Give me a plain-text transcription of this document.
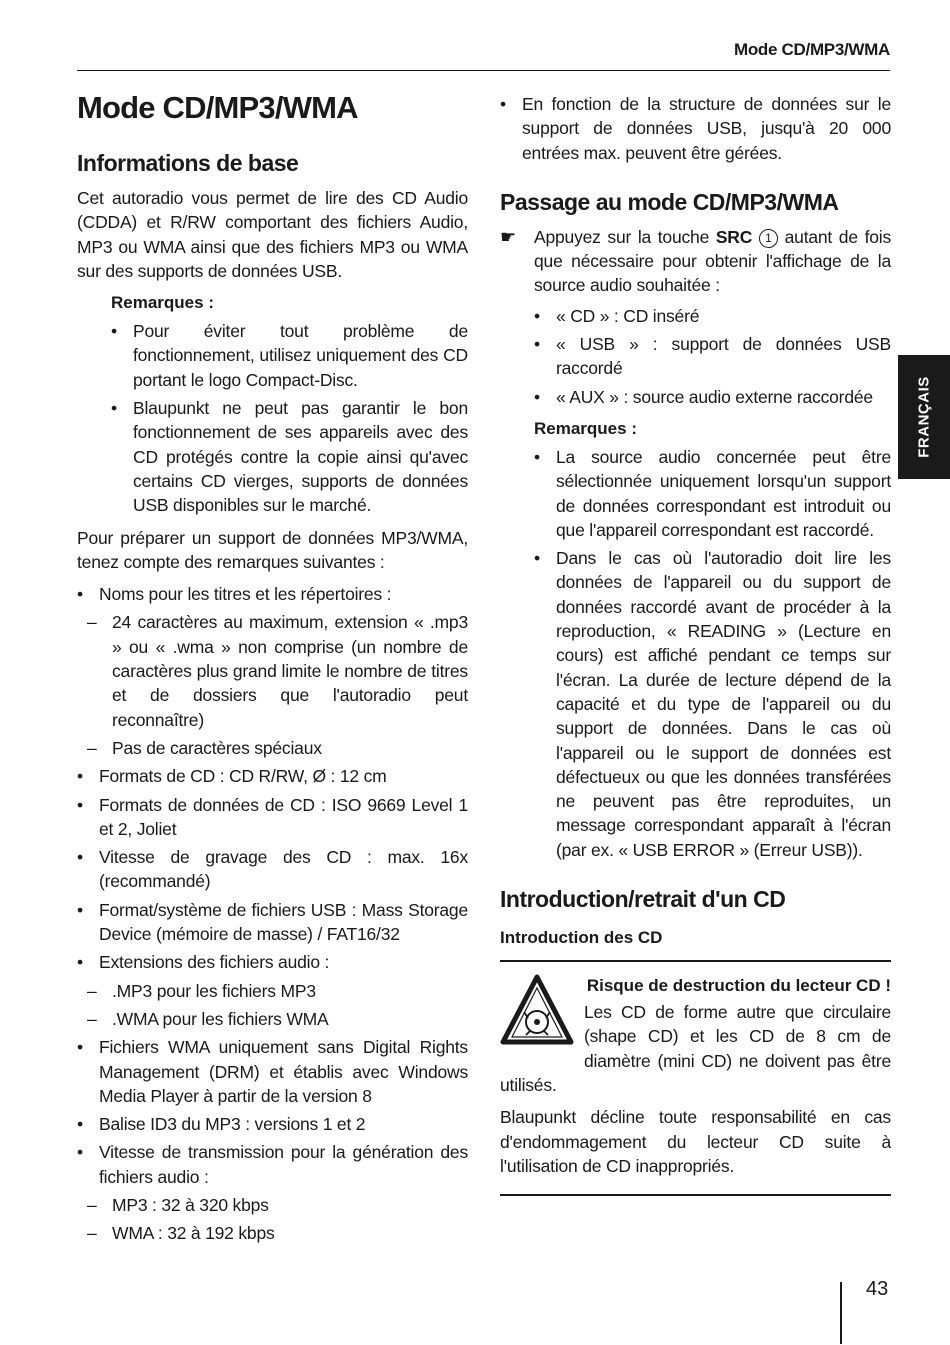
Mode CD/MP3/WMA
FRANÇAIS
Mode CD/MP3/WMA
Informations de base

Cet autoradio vous permet de lire des CD Audio (CDDA) et R/RW comportant des fichiers Audio, MP3 ou WMA ainsi que des fichiers MP3 ou WMA sur des supports de données USB.

Remarques :
• Pour éviter tout problème de fonctionnement, utilisez uniquement des CD portant le logo Compact-Disc.
• Blaupunkt ne peut pas garantir le bon fonctionnement de ses appareils avec des CD protégés contre la copie ainsi qu'avec certains CD vierges, supports de données USB disponibles sur le marché.

Pour préparer un support de données MP3/WMA, tenez compte des remarques suivantes :

• Noms pour les titres et les répertoires :
– 24 caractères au maximum, extension « .mp3 » ou « .wma » non comprise (un nombre de caractères plus grand limite le nombre de titres et de dossiers que l'autoradio peut reconnaître)
– Pas de caractères spéciaux
• Formats de CD : CD R/RW, Ø : 12 cm
• Formats de données de CD : ISO 9669 Level 1 et 2, Joliet
• Vitesse de gravage des CD : max. 16x (recommandé)
• Format/système de fichiers USB : Mass Storage Device (mémoire de masse) / FAT16/32
• Extensions des fichiers audio :
– .MP3 pour les fichiers MP3
– .WMA pour les fichiers WMA
• Fichiers WMA uniquement sans Digital Rights Management (DRM) et établis avec Windows Media Player à partir de la version 8
• Balise ID3 du MP3 : versions 1 et 2
• Vitesse de transmission pour la génération des fichiers audio :
– MP3 : 32 à 320 kbps
– WMA : 32 à 192 kbps
• En fonction de la structure de données sur le support de données USB, jusqu'à 20 000 entrées max. peuvent être gérées.
Passage au mode CD/MP3/WMA
☛ Appuyez sur la touche SRC 1 autant de fois que nécessaire pour obtenir l'affichage de la source audio souhaitée :
• « CD » : CD inséré
• « USB » : support de données USB raccordé
• « AUX » : source audio externe raccordée
Remarques :
• La source audio concernée peut être sélectionnée uniquement lorsqu'un support de données correspondant est introduit ou que l'appareil correspondant est raccordé.
• Dans le cas où l'autoradio doit lire les données de l'appareil ou du support de données raccordé avant de procéder à la reproduction, « READING » (Lecture en cours) est affiché pendant ce temps sur l'écran. La durée de lecture dépend de la capacité et du type de l'appareil ou du support de données. Dans le cas où l'appareil ou le support de données est défectueux ou que les données transférées ne peuvent pas être reproduites, un message correspondant apparaît à l'écran (par ex. « USB ERROR » (Erreur USB)).
Introduction/retrait d'un CD
Introduction des CD
Risque de destruction du lecteur CD !

Les CD de forme autre que circulaire (shape CD) et les CD de 8 cm de diamètre (mini CD) ne doivent pas être utilisés.

Blaupunkt décline toute responsabilité en cas d'endommagement du lecteur CD suite à l'utilisation de CD inappropriés.

43
